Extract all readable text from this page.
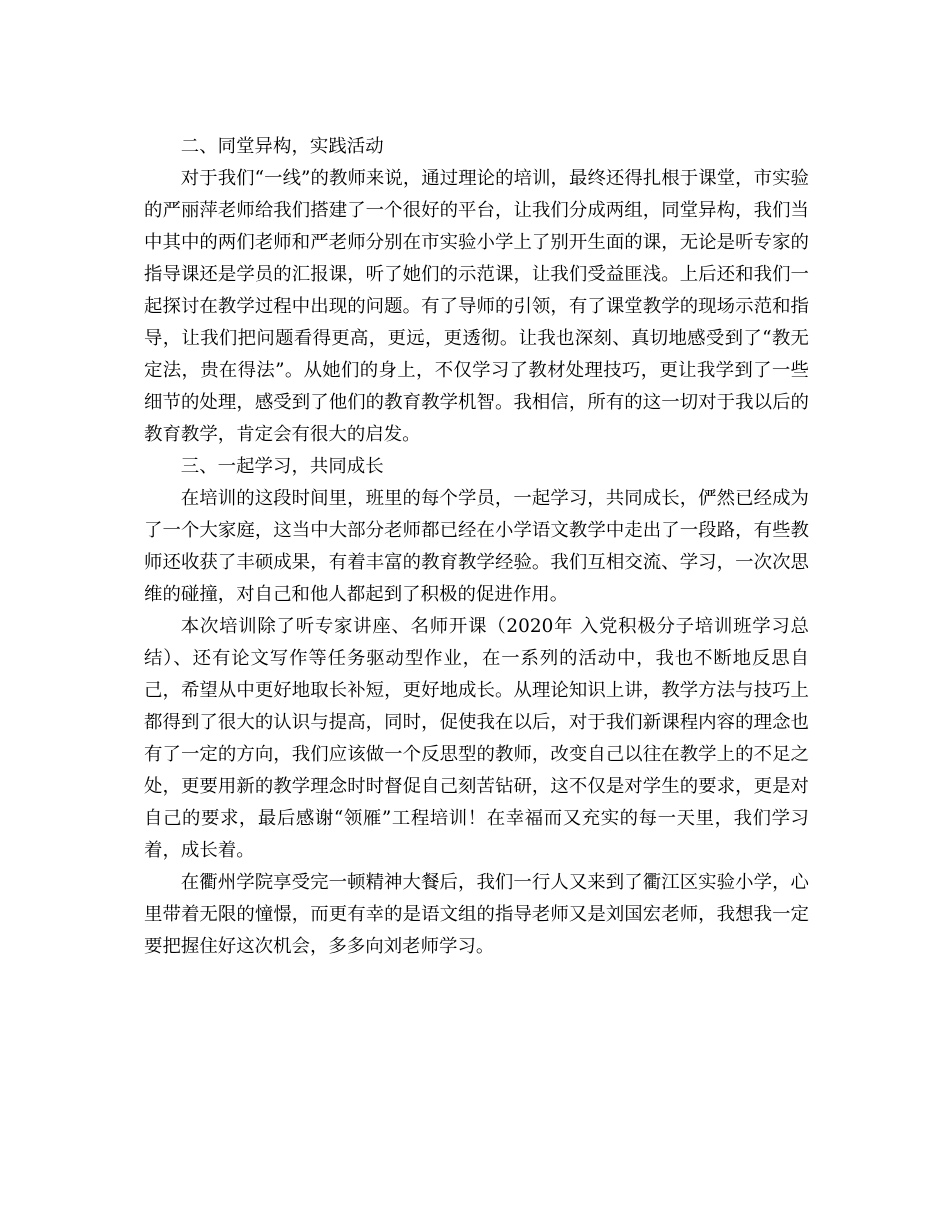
二、同堂异构，实践活动

对于我们“一线”的教师来说，通过理论的培训，最终还得扎根于课堂，市实验的严丽萍老师给我们搭建了一个很好的平台，让我们分成两组，同堂异构，我们当中其中的两们老师和严老师分别在市实验小学上了别开生面的课，无论是听专家的指导课还是学员的汇报课，听了她们的示范课，让我们受益匪浅。上后还和我们一起探讨在教学过程中出现的问题。有了导师的引领，有了课堂教学的现场示范和指导，让我们把问题看得更高，更远，更透彻。让我也深刻、真切地感受到了“教无定法，贵在得法”。从她们的身上，不仅学习了教材处理技巧，更让我学到了一些细节的处理，感受到了他们的教育教学机智。我相信，所有的这一切对于我以后的教育教学，肯定会有很大的启发。

三、一起学习，共同成长

在培训的这段时间里，班里的每个学员，一起学习，共同成长，俨然已经成为了一个大家庭，这当中大部分老师都已经在小学语文教学中走出了一段路，有些教师还收获了丰硕成果，有着丰富的教育教学经验。我们互相交流、学习，一次次思维的碰撞，对自己和他人都起到了积极的促进作用。

本次培训除了听专家讲座、名师开课（2020年 入党积极分子培训班学习总结）、还有论文写作等任务驱动型作业，在一系列的活动中，我也不断地反思自己，希望从中更好地取长补短，更好地成长。从理论知识上讲，教学方法与技巧上都得到了很大的认识与提高，同时，促使我在以后，对于我们新课程内容的理念也有了一定的方向，我们应该做一个反思型的教师，改变自己以往在教学上的不足之处，更要用新的教学理念时时督促自己刻苦钻研，这不仅是对学生的要求，更是对自己的要求，最后感谢“领雁”工程培训！在幸福而又充实的每一天里，我们学习着，成长着。

在衢州学院享受完一顿精神大餐后，我们一行人又来到了衢江区实验小学，心里带着无限的憧憬，而更有幸的是语文组的指导老师又是刘国宏老师，我想我一定要把握住好这次机会，多多向刘老师学习。
